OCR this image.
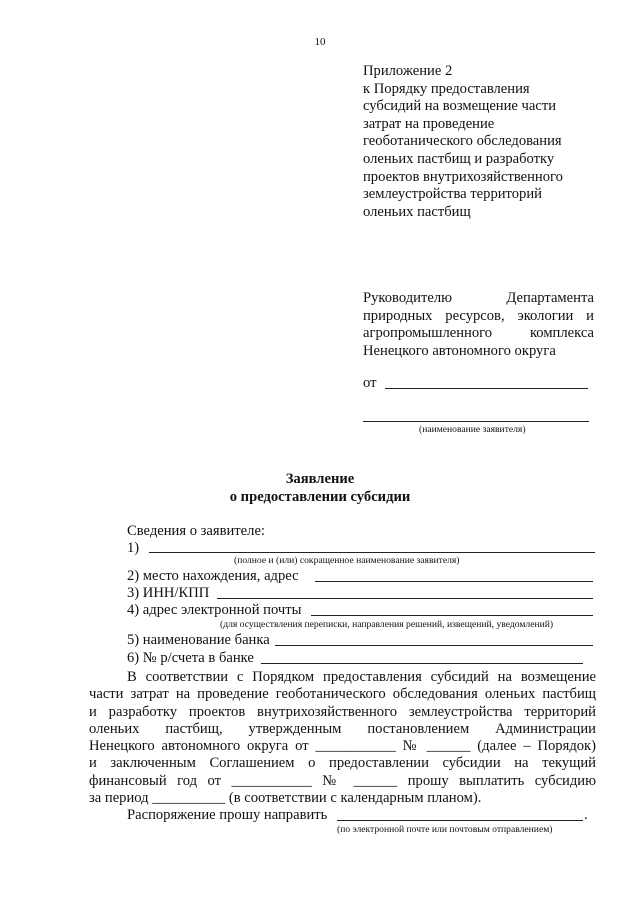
10
Приложение 2
к Порядку предоставления
субсидий на возмещение части
затрат на проведение
геоботанического обследования
оленьих пастбищ и разработку
проектов внутрихозяйственного
землеустройства территорий
оленьих пастбищ
Руководителю Департамента
природных ресурсов, экологии и
агропромышленного комплекса
Ненецкого автономного округа
от
(наименование заявителя)
Заявление
о предоставлении субсидии
Сведения о заявителе:
1)
(полное и (или) сокращенное наименование заявителя)
2) место нахождения, адрес
3) ИНН/КПП
4) адрес электронной почты
(для осуществления переписки, направления решений, извещений, уведомлений)
5) наименование банка
6) № р/счета в банке
В соответствии с Порядком предоставления субсидий на возмещение
части затрат на проведение геоботанического обследования оленьих пастбищ
и разработку проектов внутрихозяйственного землеустройства территорий
оленьих пастбищ, утвержденным постановлением Администрации
Ненецкого автономного округа от ___________ № ______ (далее – Порядок)
и заключенным Соглашением о предоставлении субсидии на текущий
финансовый год от ___________ № ______ прошу выплатить субсидию
за период __________ (в соответствии с календарным планом).
Распоряжение прошу направить	.
(по электронной почте или почтовым отправлением)
